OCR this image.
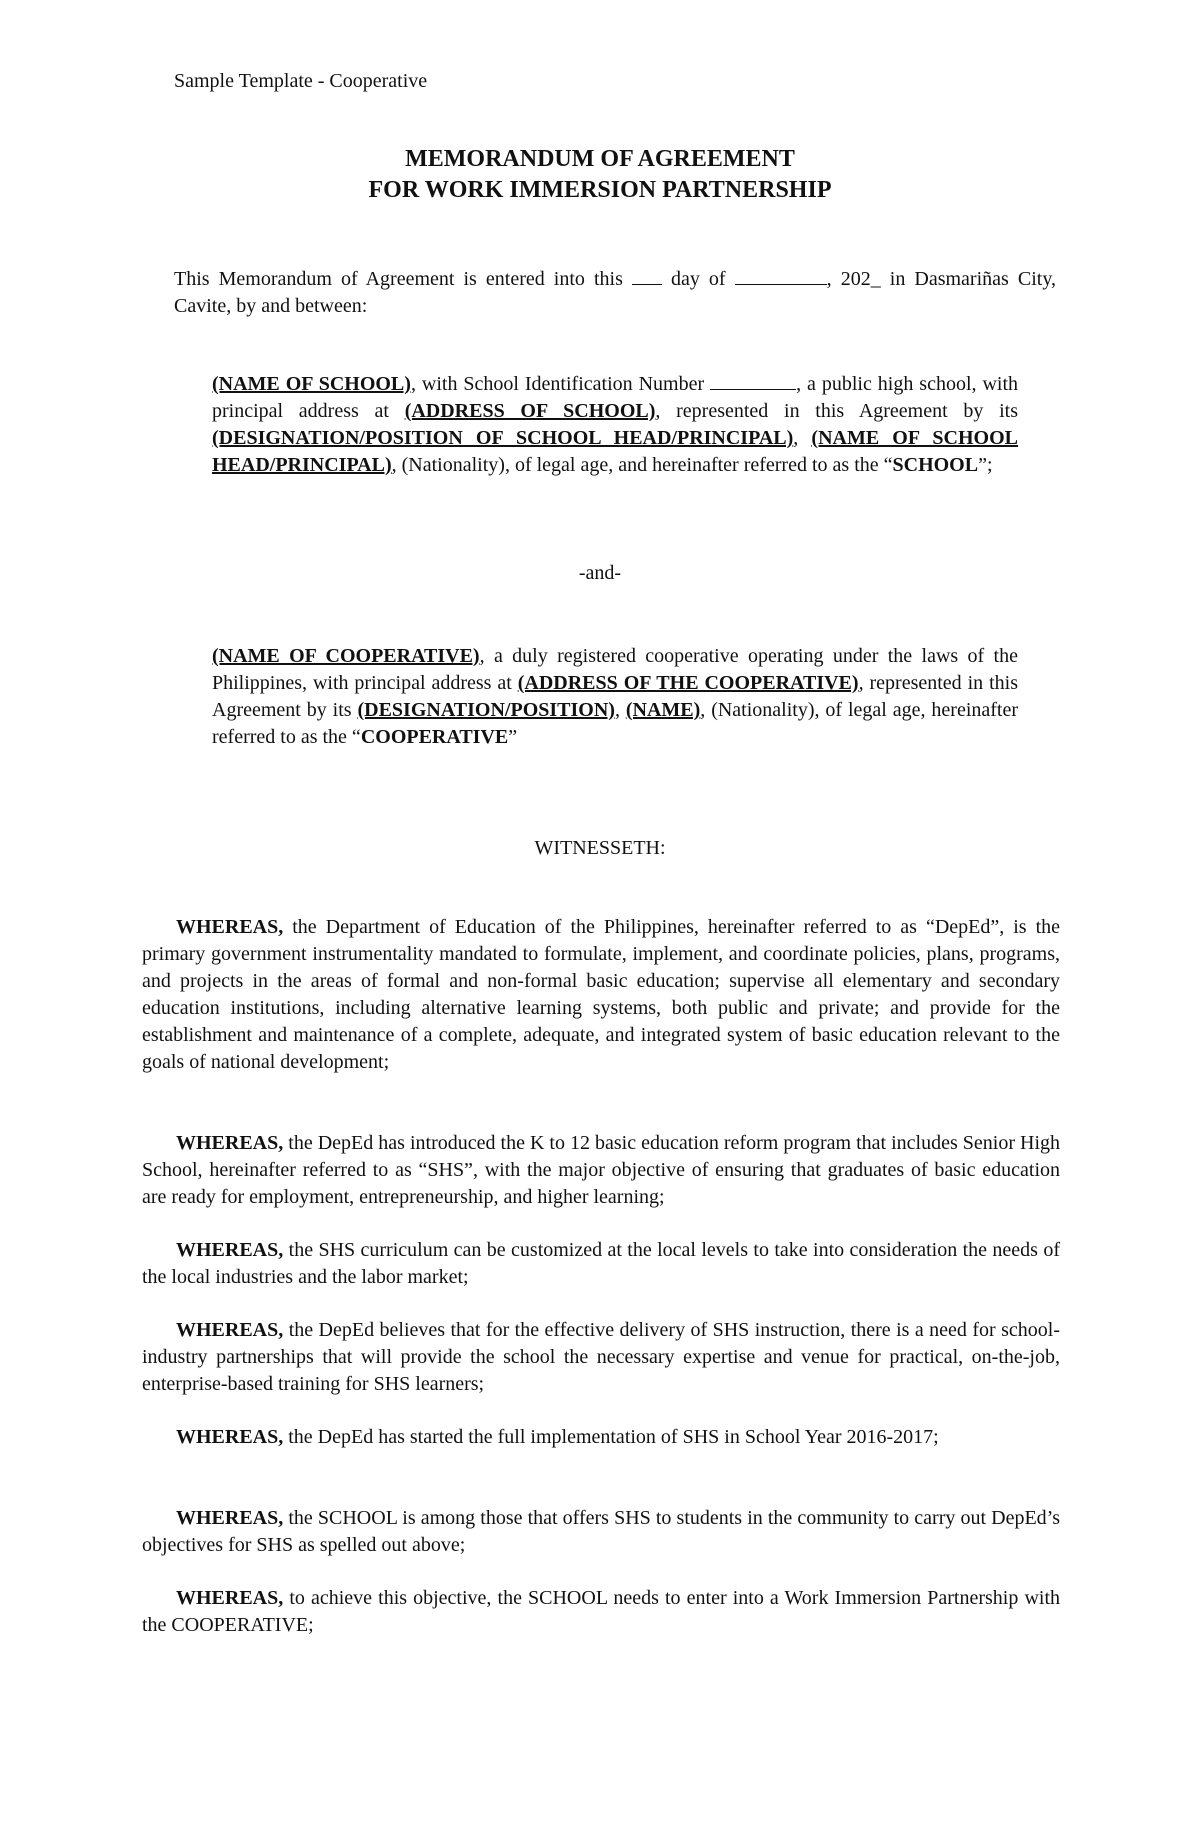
Sample Template - Cooperative
MEMORANDUM OF AGREEMENT
FOR WORK IMMERSION PARTNERSHIP
This Memorandum of Agreement is entered into this day of	, 202_ in Dasmariñas City, Cavite, by and between:
(NAME OF SCHOOL), with School Identification Number	, a public high school, with principal address at (ADDRESS OF SCHOOL), represented in this Agreement by its (DESIGNATION/POSITION OF SCHOOL HEAD/PRINCIPAL), (NAME OF SCHOOL HEAD/PRINCIPAL), (Nationality), of legal age, and hereinafter referred to as the “SCHOOL”;
-and-
(NAME OF COOPERATIVE), a duly registered cooperative operating under the laws of the Philippines, with principal address at (ADDRESS OF THE COOPERATIVE), represented in this Agreement by its (DESIGNATION/POSITION), (NAME), (Nationality), of legal age, hereinafter referred to as the “COOPERATIVE”
WITNESSETH:
WHEREAS, the Department of Education of the Philippines, hereinafter referred to as “DepEd”, is the primary government instrumentality mandated to formulate, implement, and coordinate policies, plans, programs, and projects in the areas of formal and non-formal basic education; supervise all elementary and secondary education institutions, including alternative learning systems, both public and private; and provide for the establishment and maintenance of a complete, adequate, and integrated system of basic education relevant to the goals of national development;
WHEREAS, the DepEd has introduced the K to 12 basic education reform program that includes Senior High School, hereinafter referred to as “SHS”, with the major objective of ensuring that graduates of basic education are ready for employment, entrepreneurship, and higher learning;
WHEREAS, the SHS curriculum can be customized at the local levels to take into consideration the needs of the local industries and the labor market;
WHEREAS, the DepEd believes that for the effective delivery of SHS instruction, there is a need for school-industry partnerships that will provide the school the necessary expertise and venue for practical, on-the-job, enterprise-based training for SHS learners;
WHEREAS, the DepEd has started the full implementation of SHS in School Year 2016-2017;
WHEREAS, the SCHOOL is among those that offers SHS to students in the community to carry out DepEd’s objectives for SHS as spelled out above;
WHEREAS, to achieve this objective, the SCHOOL needs to enter into a Work Immersion Partnership with the COOPERATIVE;
